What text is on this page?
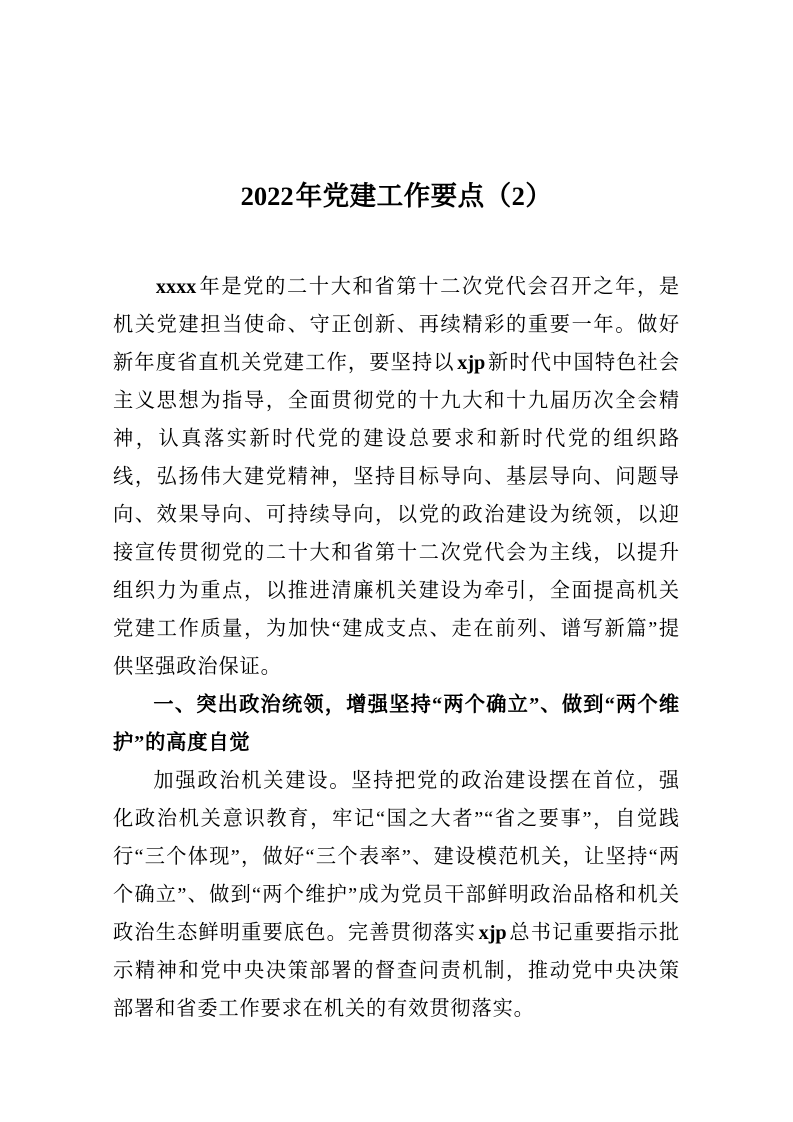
2022年党建工作要点（2）

xxxx 年是党的二十大和省第十二次党代会召开之年，是机关党建担当使命、守正创新、再续精彩的重要一年。做好新年度省直机关党建工作，要坚持以 xjp 新时代中国特色社会主义思想为指导，全面贯彻党的十九大和十九届历次全会精神，认真落实新时代党的建设总要求和新时代党的组织路线，弘扬伟大建党精神，坚持目标导向、基层导向、问题导向、效果导向、可持续导向，以党的政治建设为统领，以迎接宣传贯彻党的二十大和省第十二次党代会为主线，以提升组织力为重点，以推进清廉机关建设为牵引，全面提高机关党建工作质量，为加快“建成支点、走在前列、谱写新篇”提供坚强政治保证。

一、突出政治统领，增强坚持“两个确立”、做到“两个维护”的高度自觉

加强政治机关建设。坚持把党的政治建设摆在首位，强化政治机关意识教育，牢记“国之大者”“省之要事”，自觉践行“三个体现”，做好“三个表率”、建设模范机关，让坚持“两个确立”、做到“两个维护”成为党员干部鲜明政治品格和机关政治生态鲜明重要底色。完善贯彻落实 xjp 总书记重要指示批示精神和党中央决策部署的督查问责机制，推动党中央决策部署和省委工作要求在机关的有效贯彻落实。
